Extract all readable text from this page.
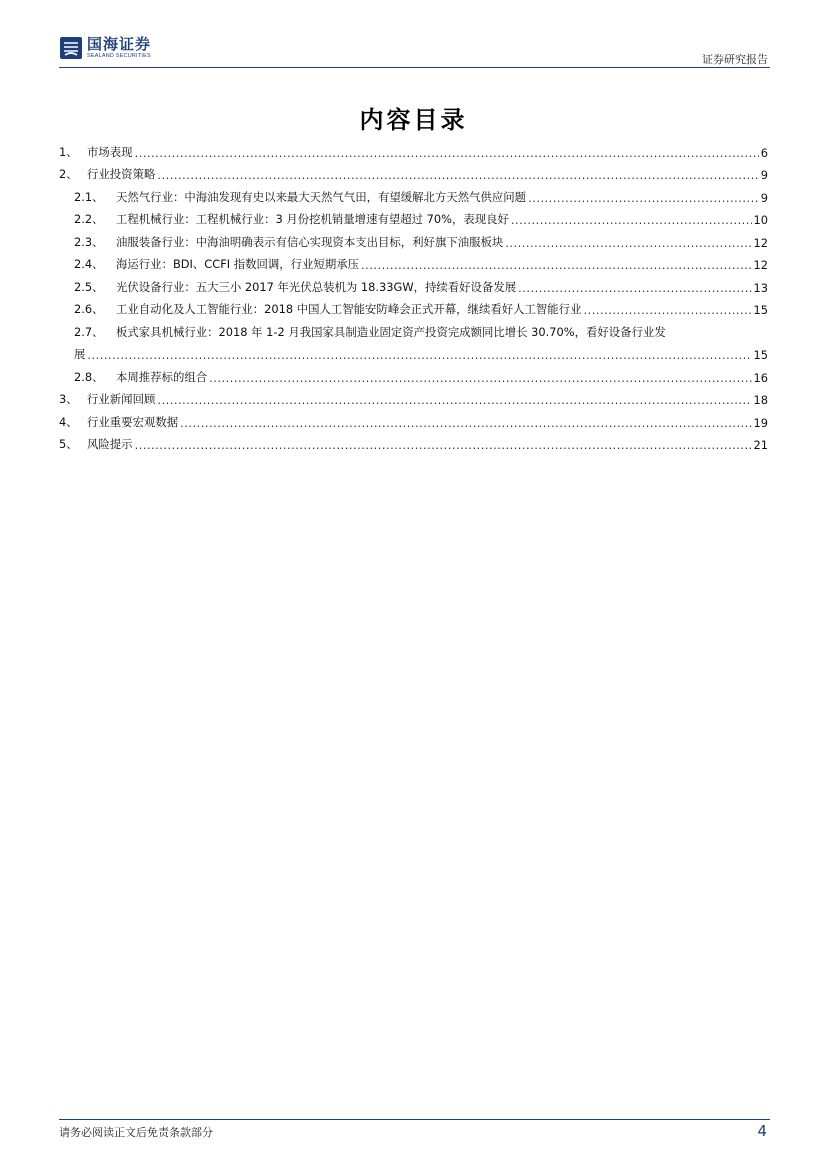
国海证券
SEALAND SECURITIES	证券研究报告
内容目录
1、 市场表现 .....	6
2、 行业投资策略 .....	9
2.1、	天然气行业：中海油发现有史以来最大天然气气田，有望缓解北方天然气供应问题 .....	9
2.2、	工程机械行业：工程机械行业：3 月份挖机销量增速有望超过 70%，表现良好 .....	10
2.3、	油服装备行业：中海油明确表示有信心实现资本支出目标，利好旗下油服板块 .....	12
2.4、	海运行业：BDI、CCFI 指数回调，行业短期承压 .....	12
2.5、	光伏设备行业：五大三小 2017 年光伏总装机为 18.33GW，持续看好设备发展 .....	13
2.6、	工业自动化及人工智能行业：2018 中国人工智能安防峰会正式开幕，继续看好人工智能行业 .....	15
2.7、	板式家具机械行业：2018 年 1-2 月我国家具制造业固定资产投资完成额同比增长 30.70%，看好设备行业发
展 .....	15
2.8、	本周推荐标的组合 .....	16
3、 行业新闻回顾 .....	18
4、 行业重要宏观数据 .....	19
5、 风险提示 .....	21
请务必阅读正文后免责条款部分	4
